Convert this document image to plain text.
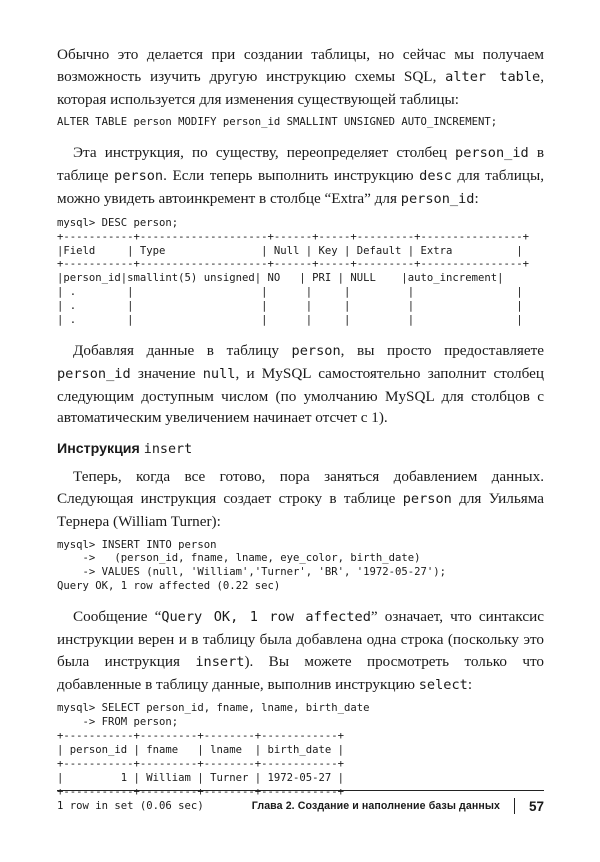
Обычно это делается при создании таблицы, но сейчас мы получаем возможность изучить другую инструкцию схемы SQL, alter table, которая используется для изменения существующей таблицы:

ALTER TABLE person MODIFY person_id SMALLINT UNSIGNED AUTO_INCREMENT;

Эта инструкция, по существу, переопределяет столбец person_id в таблице person. Если теперь выполнить инструкцию desc для таблицы, можно увидеть автоинкремент в столбце “Extra” для person_id:

mysql> DESC person;
+-----------+--------------------+------+-----+---------+----------------+
|Field     | Type               | Null | Key | Default | Extra          |
+-----------+--------------------+------+-----+---------+----------------+
|person_id|smallint(5) unsigned| NO   | PRI | NULL    |auto_increment|
| .        |                    |      |     |         |                |
| .        |                    |      |     |         |                |
| .        |                    |      |     |         |                |

Добавляя данные в таблицу person, вы просто предоставляете person_id значение null, и MySQL самостоятельно заполнит столбец следующим доступным числом (по умолчанию MySQL для столбцов с автоматическим увеличением начинает отсчет с 1).

Инструкция insert

Теперь, когда все готово, пора заняться добавлением данных. Следующая инструкция создает строку в таблице person для Уильяма Тернера (William Turner):

mysql> INSERT INTO person
->   (person_id, fname, lname, eye_color, birth_date)
-> VALUES (null, 'William','Turner', 'BR', '1972-05-27');
Query OK, 1 row affected (0.22 sec)

Сообщение “Query OK, 1 row affected” означает, что синтаксис инструкции верен и в таблицу была добавлена одна строка (поскольку это была инструкция insert). Вы можете просмотреть только что добавленные в таблицу данные, выполнив инструкцию select:

mysql> SELECT person_id, fname, lname, birth_date
-> FROM person;
+-----------+---------+--------+------------+
| person_id | fname   | lname  | birth_date |
+-----------+---------+--------+------------+
|         1 | William | Turner | 1972-05-27 |
+-----------+---------+--------+------------+
1 row in set (0.06 sec)	Глава 2. Создание и наполнение базы данных 57
